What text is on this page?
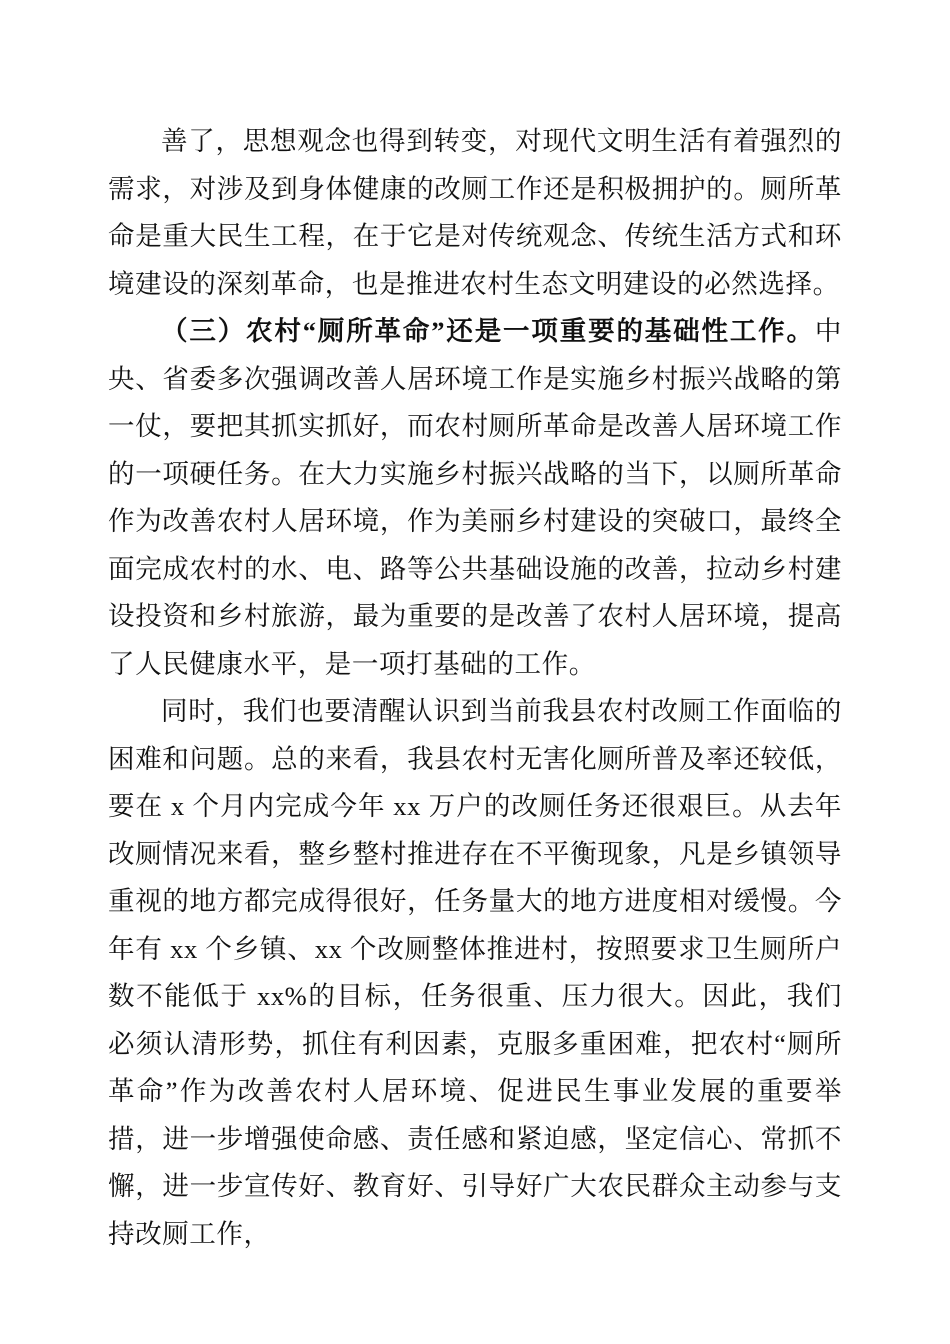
善了，思想观念也得到转变，对现代文明生活有着强烈的需求，对涉及到身体健康的改厕工作还是积极拥护的。厕所革命是重大民生工程，在于它是对传统观念、传统生活方式和环境建设的深刻革命，也是推进农村生态文明建设的必然选择。

（三）农村“厕所革命”还是一项重要的基础性工作。中央、省委多次强调改善人居环境工作是实施乡村振兴战略的第一仗，要把其抓实抓好，而农村厕所革命是改善人居环境工作的一项硬任务。在大力实施乡村振兴战略的当下，以厕所革命作为改善农村人居环境，作为美丽乡村建设的突破口，最终全面完成农村的水、电、路等公共基础设施的改善，拉动乡村建设投资和乡村旅游，最为重要的是改善了农村人居环境，提高了人民健康水平，是一项打基础的工作。

同时，我们也要清醒认识到当前我县农村改厕工作面临的困难和问题。总的来看，我县农村无害化厕所普及率还较低，要在 x 个月内完成今年 xx 万户的改厕任务还很艰巨。从去年改厕情况来看，整乡整村推进存在不平衡现象，凡是乡镇领导重视的地方都完成得很好，任务量大的地方进度相对缓慢。今年有 xx 个乡镇、xx 个改厕整体推进村，按照要求卫生厕所户数不能低于 xx%的目标，任务很重、压力很大。因此，我们必须认清形势，抓住有利因素，克服多重困难，把农村“厕所革命”作为改善农村人居环境、促进民生事业发展的重要举措，进一步增强使命感、责任感和紧迫感，坚定信心、常抓不懈，进一步宣传好、教育好、引导好广大农民群众主动参与支持改厕工作，
